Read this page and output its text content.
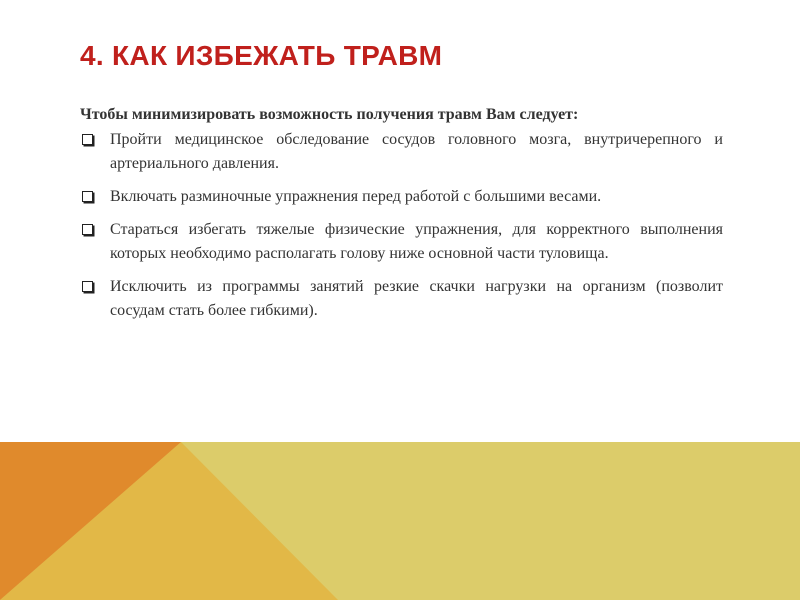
4. КАК ИЗБЕЖАТЬ ТРАВМ

Чтобы минимизировать возможность получения травм Вам следует:

Пройти медицинское обследование сосудов головного мозга, внутричерепного и артериального давления.
Включать разминочные упражнения перед работой с большими весами.
Стараться избегать тяжелые физические упражнения, для корректного выполнения которых необходимо располагать голову ниже основной части туловища.
Исключить из программы занятий резкие скачки нагрузки на организм (позволит сосудам стать более гибкими).
